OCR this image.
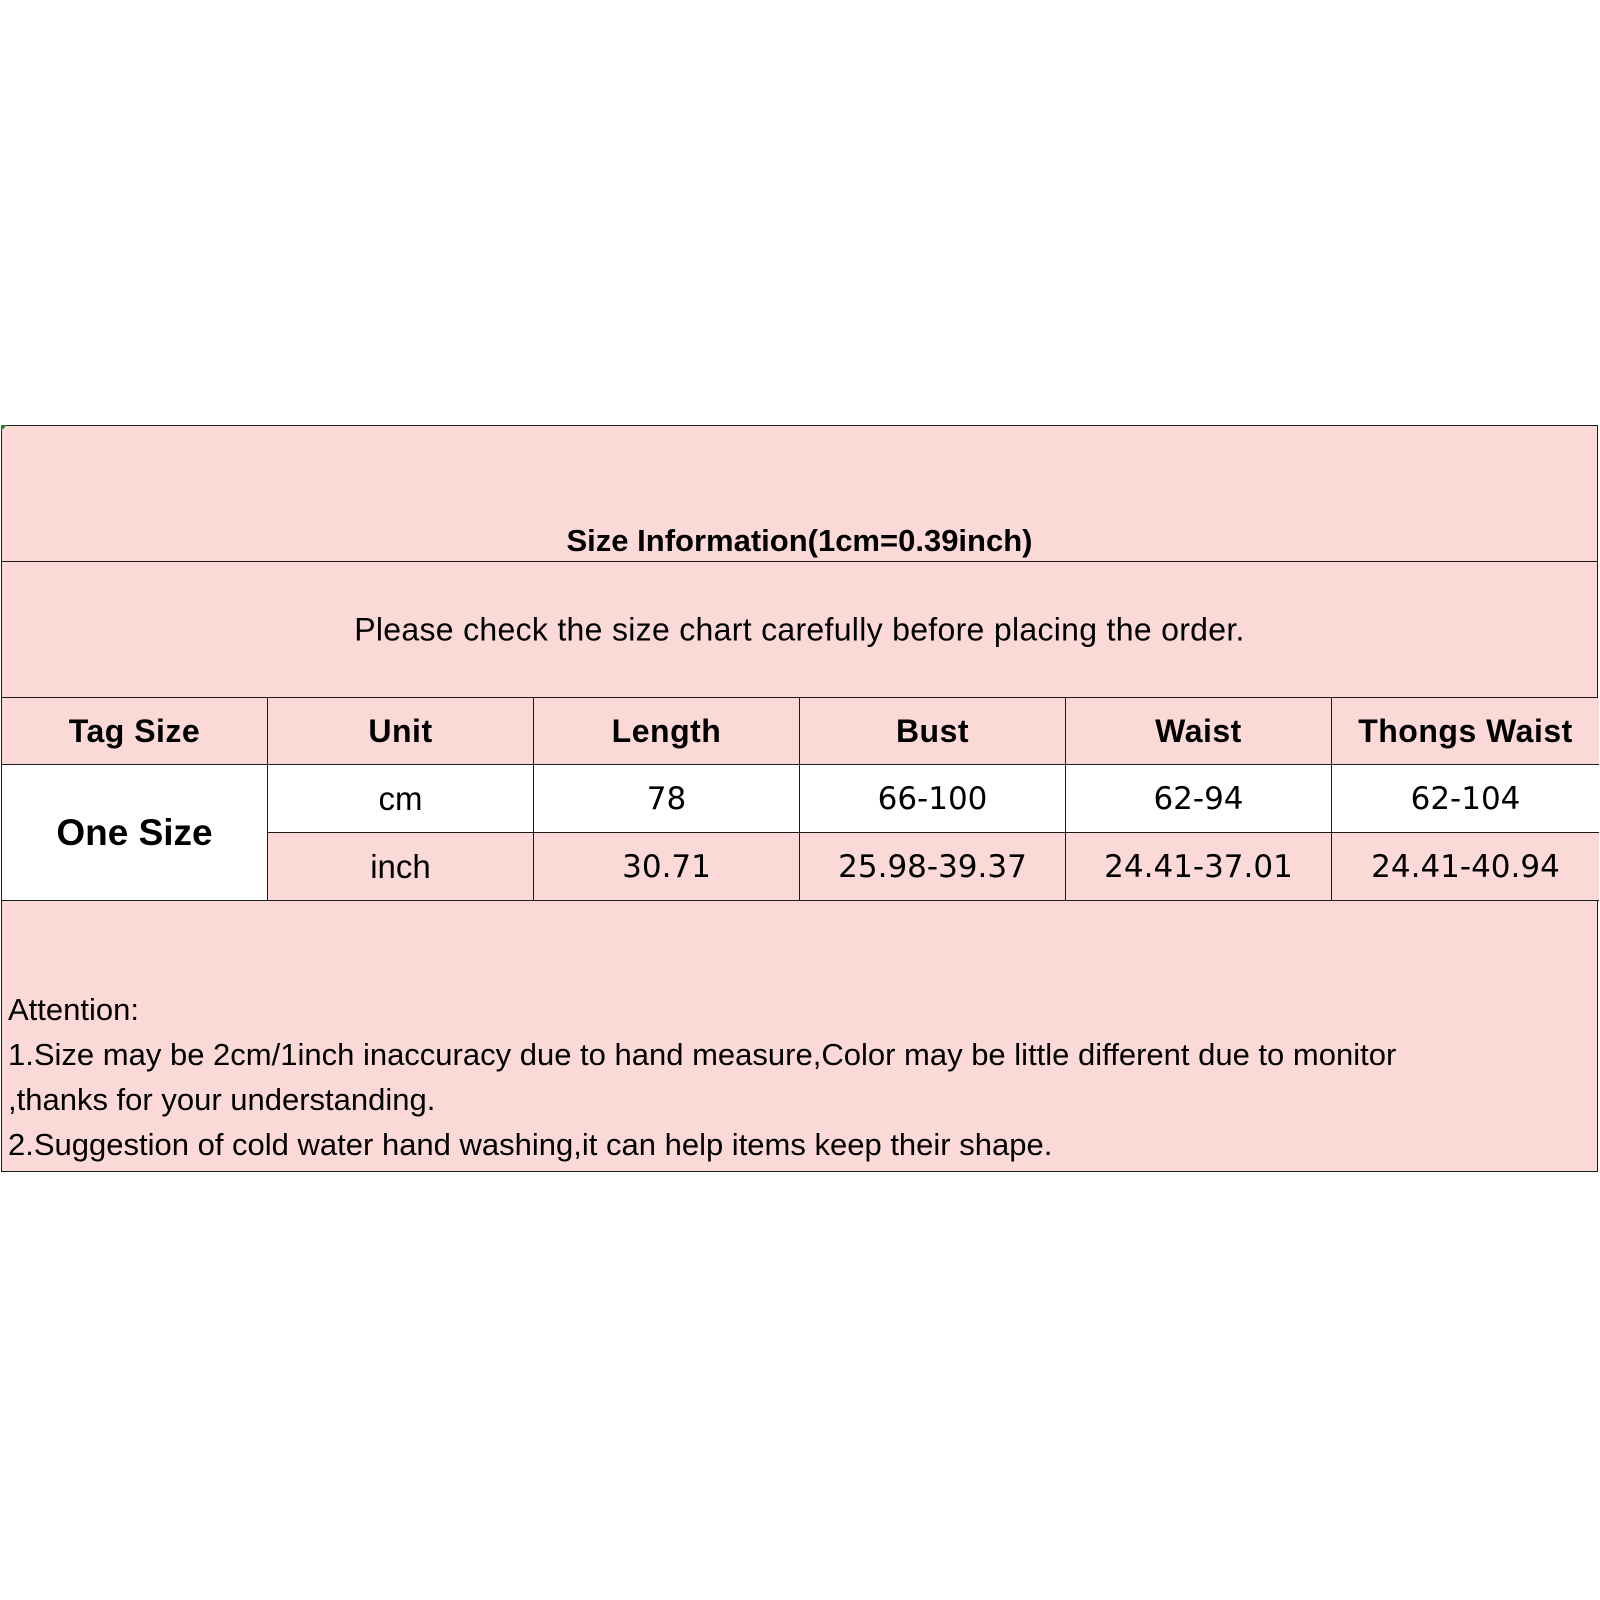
Size Information(1cm=0.39inch)
Please check the size chart carefully before placing the order.
Tag Size	Unit	Length	Bust	Waist	Thongs Waist
One Size
cm	78	66-100	62-94	62-104
inch	30.71	25.98-39.37	24.41-37.01	24.41-40.94
Attention:
1.Size may be 2cm/1inch inaccuracy due to hand measure,Color may be little different due to monitor
,thanks for your understanding.
2.Suggestion of cold water hand washing,it can help items keep their shape.
